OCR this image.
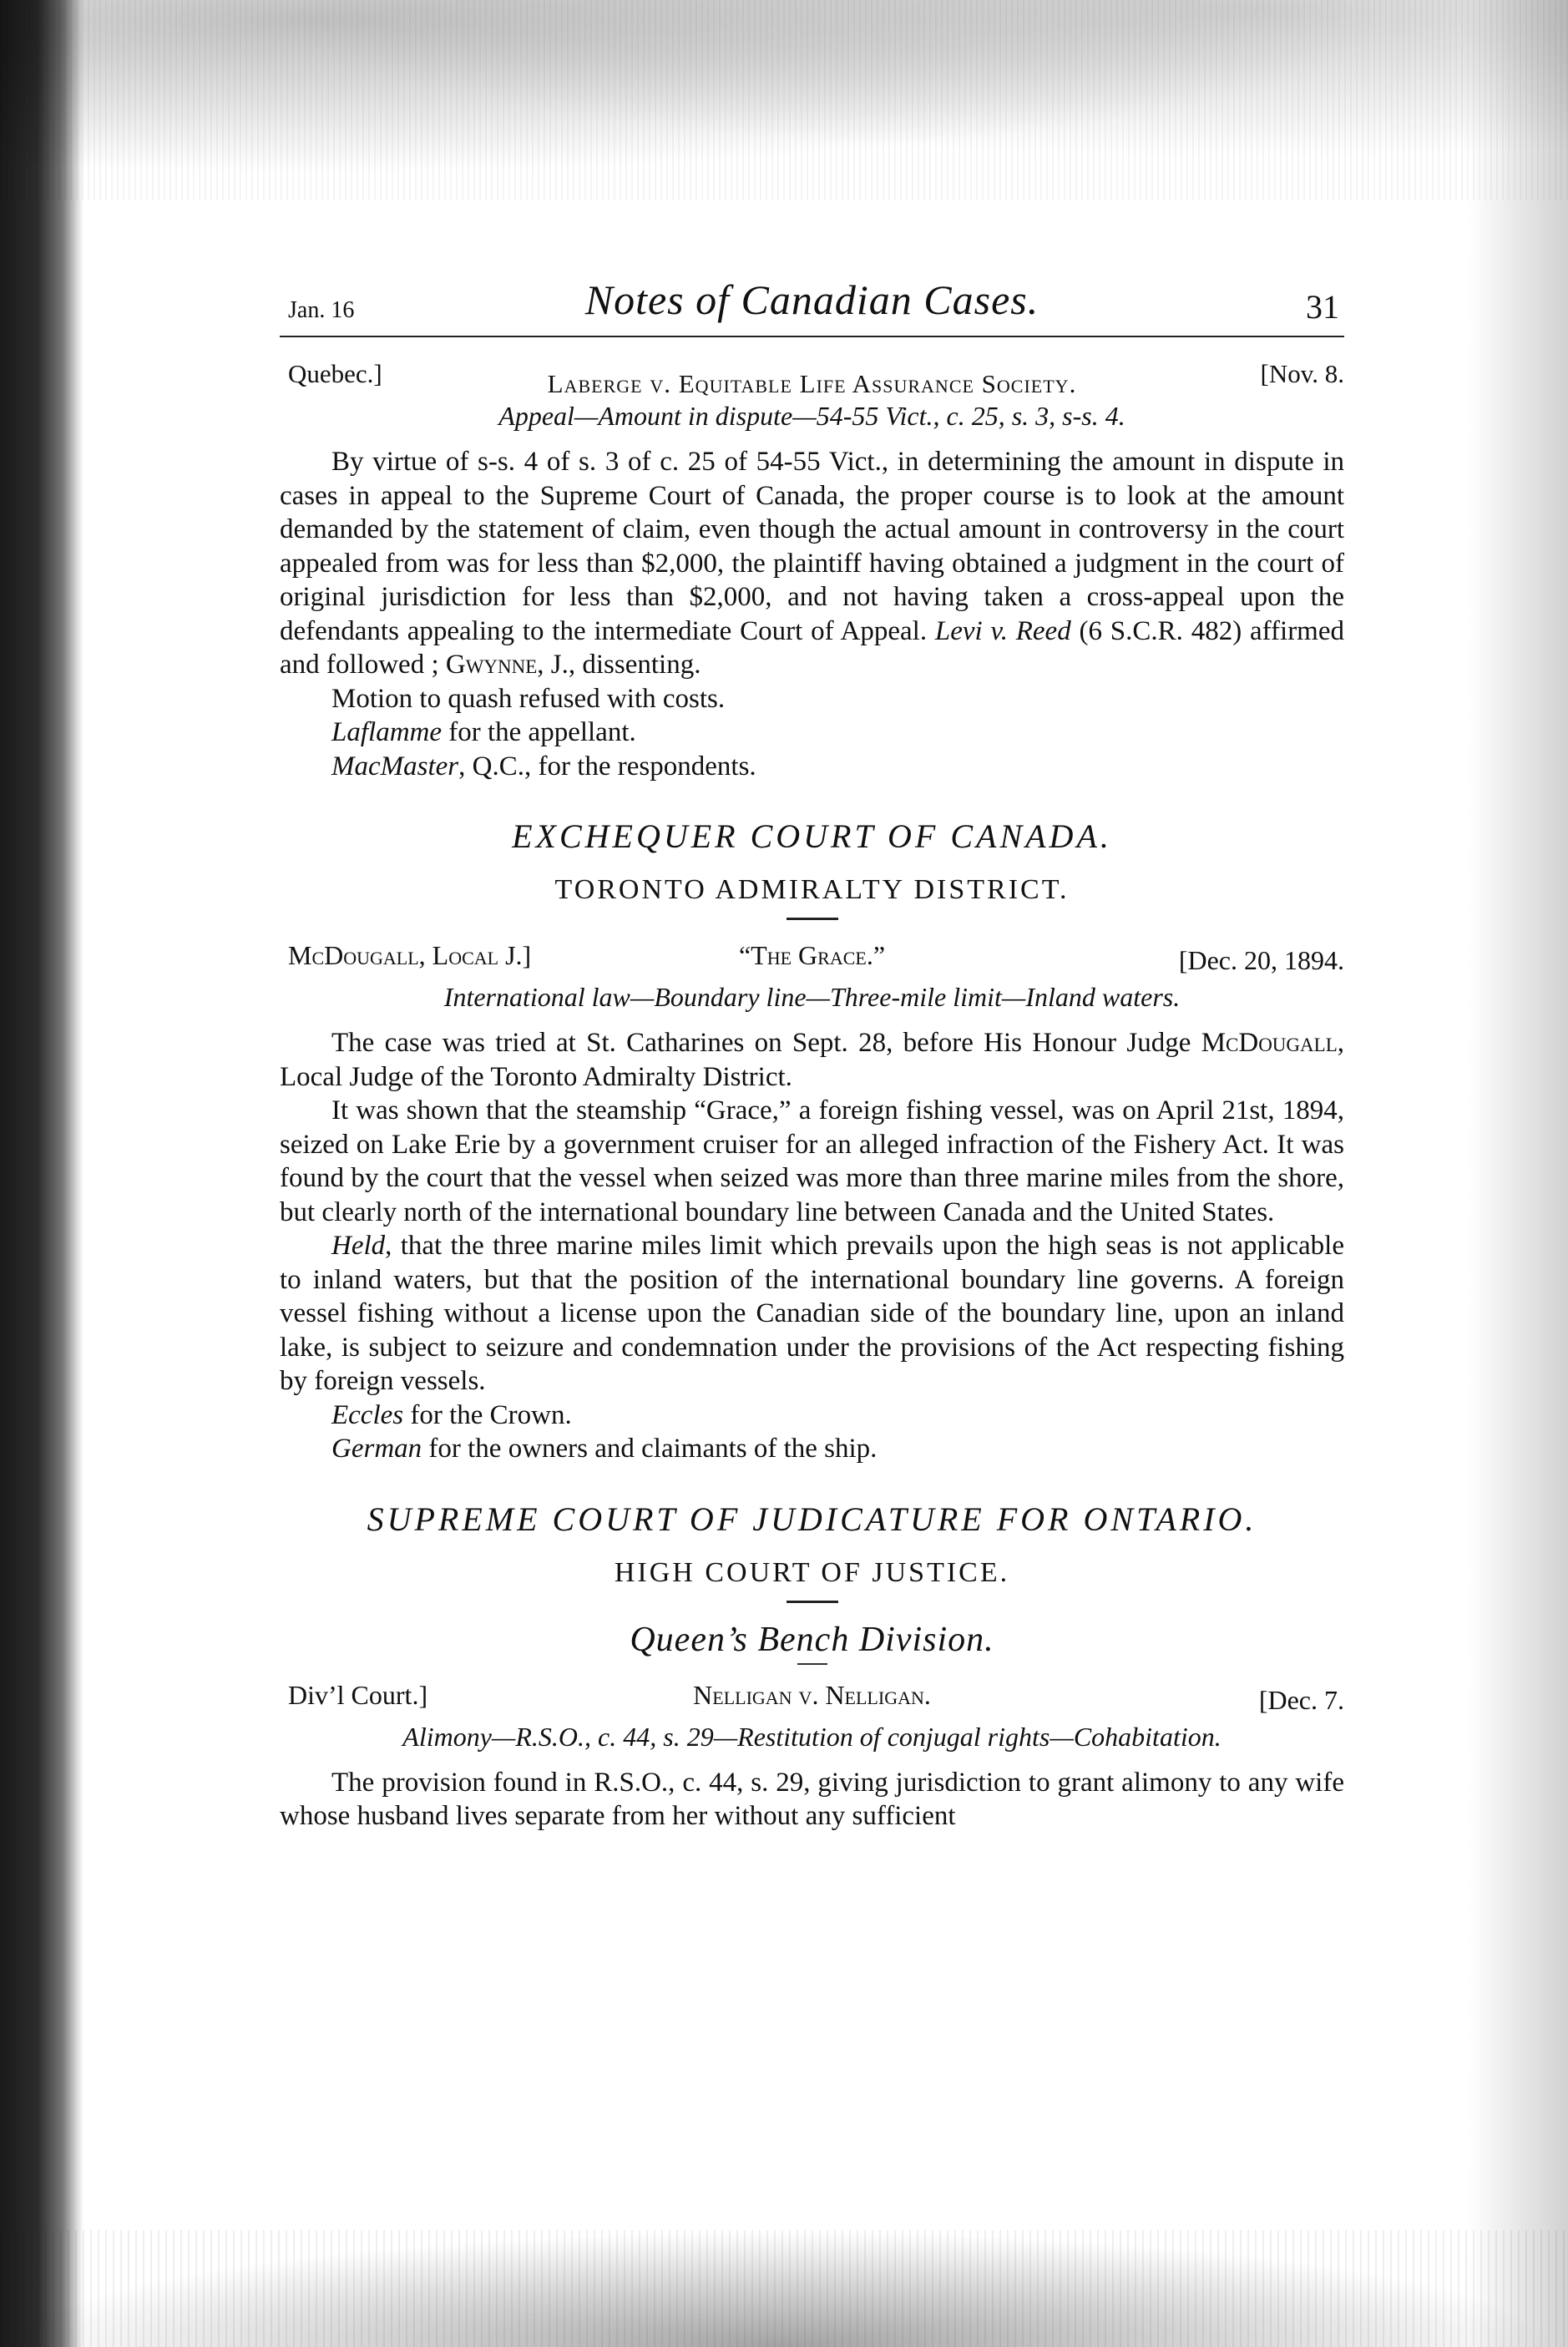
Jan. 16	Notes of Canadian Cases.	31
Quebec.]	[Nov. 8.
Laberge v. Equitable Life Assurance Society.
Appeal—Amount in dispute—54-55 Vict., c. 25, s. 3, s-s. 4.

By virtue of s-s. 4 of s. 3 of c. 25 of 54-55 Vict., in determining the amount in dispute in cases in appeal to the Supreme Court of Canada, the proper course is to look at the amount demanded by the statement of claim, even though the actual amount in controversy in the court appealed from was for less than $2,000, the plaintiff having obtained a judgment in the court of original jurisdiction for less than $2,000, and not having taken a cross-appeal upon the defendants appealing to the intermediate Court of Appeal. Levi v. Reed (6 S.C.R. 482) affirmed and followed ; Gwynne, J., dissenting.

Motion to quash refused with costs.

Laflamme for the appellant.

MacMaster, Q.C., for the respondents.

EXCHEQUER COURT OF CANADA.
TORONTO ADMIRALTY DISTRICT.
McDougall, Local J.]	“The Grace.”	[Dec. 20, 1894.
International law—Boundary line—Three-mile limit—Inland waters.

The case was tried at St. Catharines on Sept. 28, before His Honour Judge McDougall, Local Judge of the Toronto Admiralty District.

It was shown that the steamship “Grace,” a foreign fishing vessel, was on April 21st, 1894, seized on Lake Erie by a government cruiser for an alleged infraction of the Fishery Act. It was found by the court that the vessel when seized was more than three marine miles from the shore, but clearly north of the international boundary line between Canada and the United States.

Held, that the three marine miles limit which prevails upon the high seas is not applicable to inland waters, but that the position of the international boundary line governs. A foreign vessel fishing without a license upon the Canadian side of the boundary line, upon an inland lake, is subject to seizure and condemnation under the provisions of the Act respecting fishing by foreign vessels.

Eccles for the Crown.

German for the owners and claimants of the ship.

SUPREME COURT OF JUDICATURE FOR ONTARIO.
HIGH COURT OF JUSTICE.
Queen’s Bench Division.
Div’l Court.]	Nelligan v. Nelligan.	[Dec. 7.
Alimony—R.S.O., c. 44, s. 29—Restitution of conjugal rights—Cohabitation.

The provision found in R.S.O., c. 44, s. 29, giving jurisdiction to grant alimony to any wife whose husband lives separate from her without any sufficient
